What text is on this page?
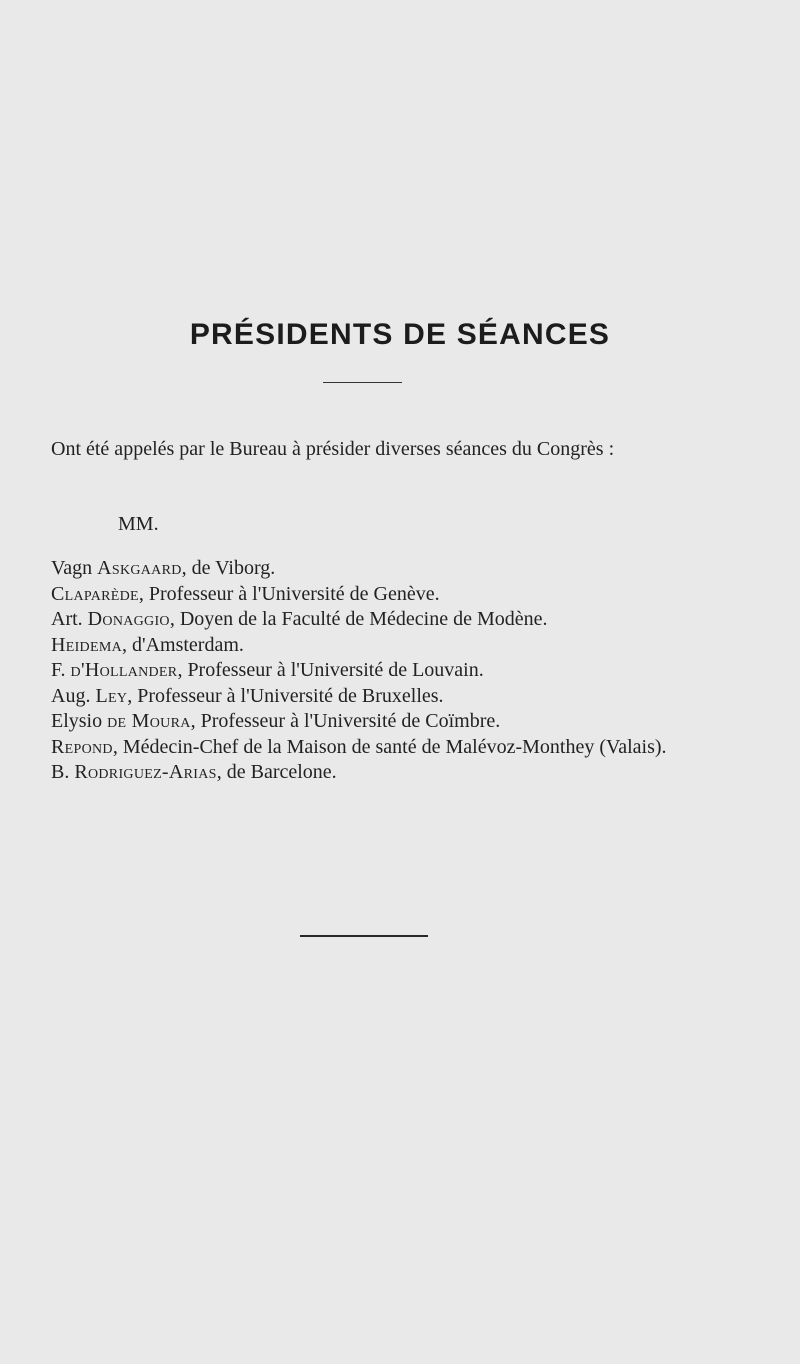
PRÉSIDENTS DE SÉANCES
Ont été appelés par le Bureau à présider diverses séances du Congrès :
MM.
Vagn Askgaard, de Viborg.
Claparède, Professeur à l'Université de Genève.
Art. Donaggio, Doyen de la Faculté de Médecine de Modène.
Heidema, d'Amsterdam.
F. d'Hollander, Professeur à l'Université de Louvain.
Aug. Ley, Professeur à l'Université de Bruxelles.
Elysio de Moura, Professeur à l'Université de Coïmbre.
Repond, Médecin-Chef de la Maison de santé de Malévoz-Monthey (Valais).
B. Rodriguez-Arias, de Barcelone.
